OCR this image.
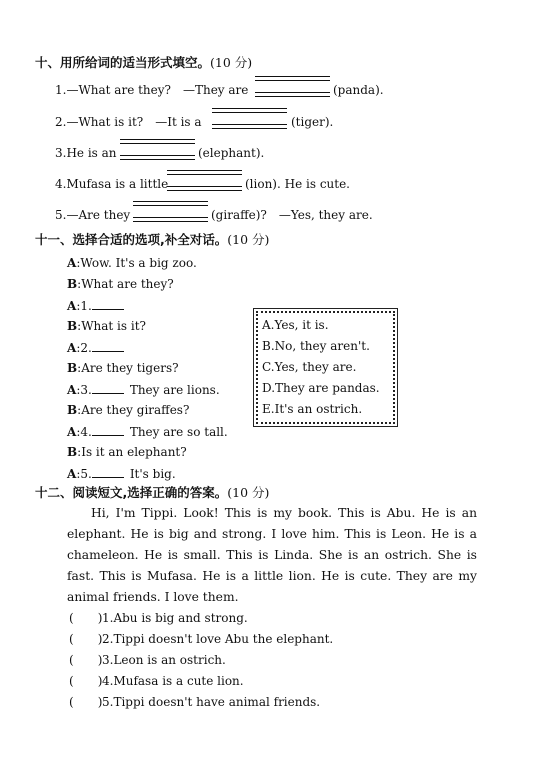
十、用所给词的适当形式填空。(10 分)
1.—What are they?　—They are	(panda).
2.—What is it?　—It is a	(tiger).
3.He is an	(elephant).
4.Mufasa is a little	(lion). He is cute.
5.—Are they	(giraffe)?　—Yes, they are.
十一、选择合适的选项,补全对话。(10 分)
A:Wow. It's a big zoo.
B:What are they?
A:1.
B:What is it?
A:2.
B:Are they tigers?
A:3.	They are lions.
B:Are they giraffes?
A:4.	They are so tall.
B:Is it an elephant?
A:5.	It's big.
A.Yes, it is.
B.No, they aren't.
C.Yes, they are.
D.They are pandas.
E.It's an ostrich.
十二、阅读短文,选择正确的答案。(10 分)
Hi, I'm Tippi. Look! This is my book. This is Abu. He is an elephant. He is big and strong. I love him. This is Leon. He is a chameleon. He is small. This is Linda. She is an ostrich. She is fast. This is Mufasa. He is a little lion. He is cute. They are my animal friends. I love them.
( )1.Abu is big and strong.
( )2.Tippi doesn't love Abu the elephant.
( )3.Leon is an ostrich.
( )4.Mufasa is a cute lion.
( )5.Tippi doesn't have animal friends.
